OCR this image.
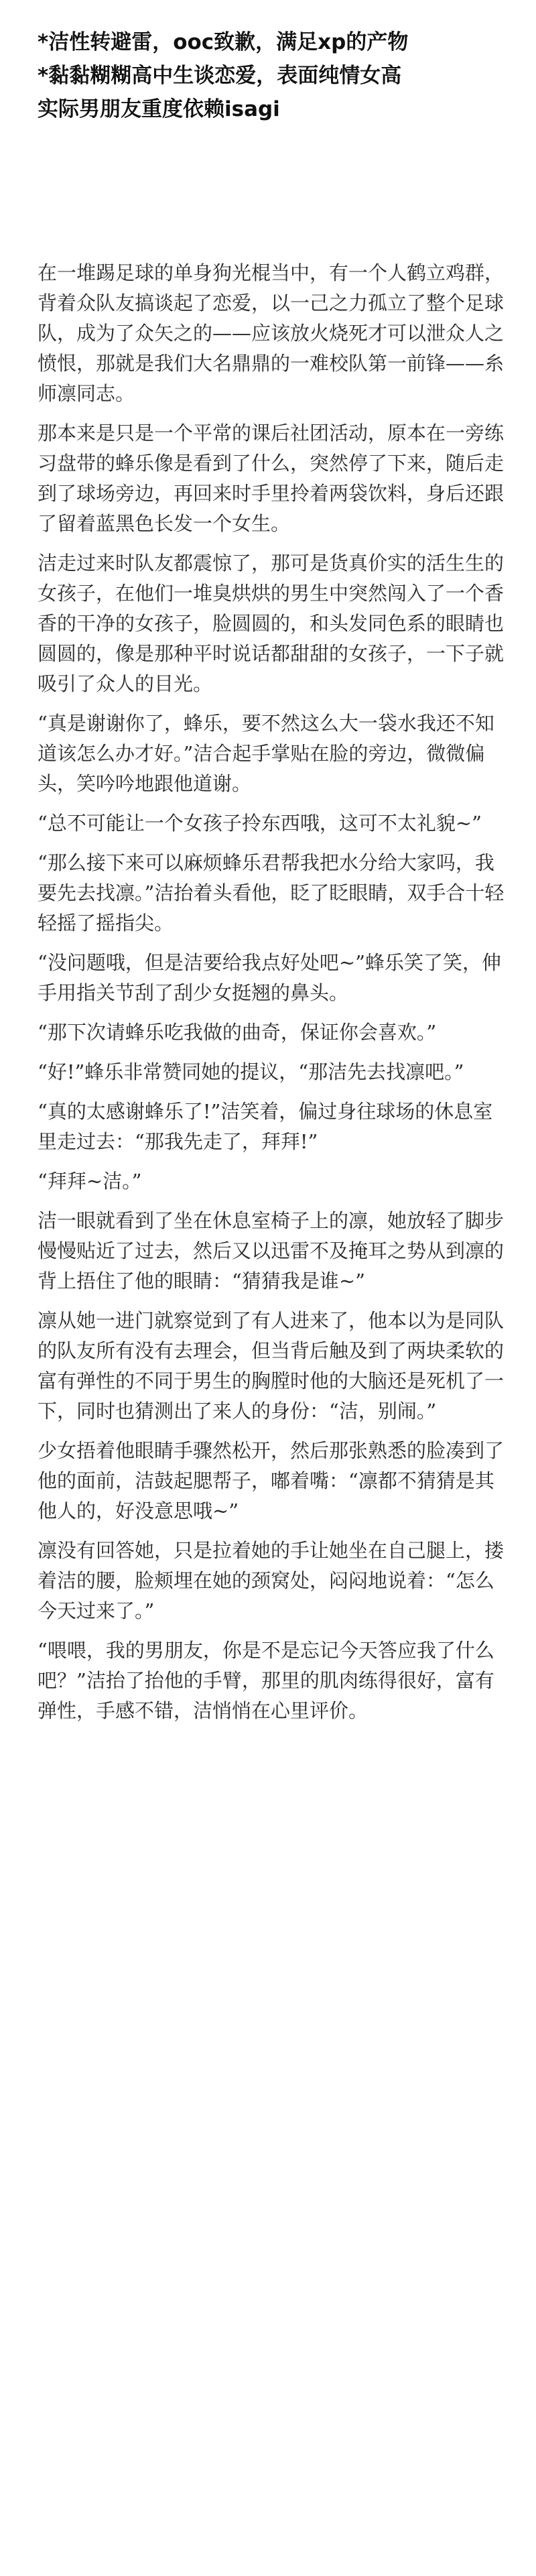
*洁性转避雷，ooc致歉，满足xp的产物

*黏黏糊糊高中生谈恋爱，表面纯情女高

实际男朋友重度依赖isagi

在一堆踢足球的单身狗光棍当中，有一个人鹤立鸡群，背着众队友搞谈起了恋爱，以一己之力孤立了整个足球队，成为了众矢之的——应该放火烧死才可以泄众人之愤恨，那就是我们大名鼎鼎的一难校队第一前锋——糸师凛同志。

那本来是只是一个平常的课后社团活动，原本在一旁练习盘带的蜂乐像是看到了什么，突然停了下来，随后走到了球场旁边，再回来时手里拎着两袋饮料，身后还跟了留着蓝黑色长发一个女生。

洁走过来时队友都震惊了，那可是货真价实的活生生的女孩子，在他们一堆臭烘烘的男生中突然闯入了一个香香的干净的女孩子，脸圆圆的，和头发同色系的眼睛也圆圆的，像是那种平时说话都甜甜的女孩子，一下子就吸引了众人的目光。

“真是谢谢你了，蜂乐，要不然这么大一袋水我还不知道该怎么办才好。”洁合起手掌贴在脸的旁边，微微偏头，笑吟吟地跟他道谢。

“总不可能让一个女孩子拎东西哦，这可不太礼貌~”

“那么接下来可以麻烦蜂乐君帮我把水分给大家吗，我要先去找凛。”洁抬着头看他，眨了眨眼睛，双手合十轻轻摇了摇指尖。

“没问题哦，但是洁要给我点好处吧~”蜂乐笑了笑，伸手用指关节刮了刮少女挺翘的鼻头。

“那下次请蜂乐吃我做的曲奇，保证你会喜欢。”

“好!”蜂乐非常赞同她的提议，“那洁先去找凛吧。”

“真的太感谢蜂乐了!”洁笑着，偏过身往球场的休息室里走过去：“那我先走了，拜拜!”

“拜拜~洁。”

洁一眼就看到了坐在休息室椅子上的凛，她放轻了脚步慢慢贴近了过去，然后又以迅雷不及掩耳之势从到凛的背上捂住了他的眼睛：“猜猜我是谁~”

凛从她一进门就察觉到了有人进来了，他本以为是同队的队友所有没有去理会，但当背后触及到了两块柔软的富有弹性的不同于男生的胸膛时他的大脑还是死机了一下，同时也猜测出了来人的身份：“洁，别闹。”

少女捂着他眼睛手骤然松开，然后那张熟悉的脸凑到了他的面前，洁鼓起腮帮子，嘟着嘴：“凛都不猜猜是其他人的，好没意思哦~”

凛没有回答她，只是拉着她的手让她坐在自己腿上，搂着洁的腰，脸颊埋在她的颈窝处，闷闷地说着：“怎么今天过来了。”

“喂喂，我的男朋友，你是不是忘记今天答应我了什么吧？”洁抬了抬他的手臂，那里的肌肉练得很好，富有弹性，手感不错，洁悄悄在心里评价。
